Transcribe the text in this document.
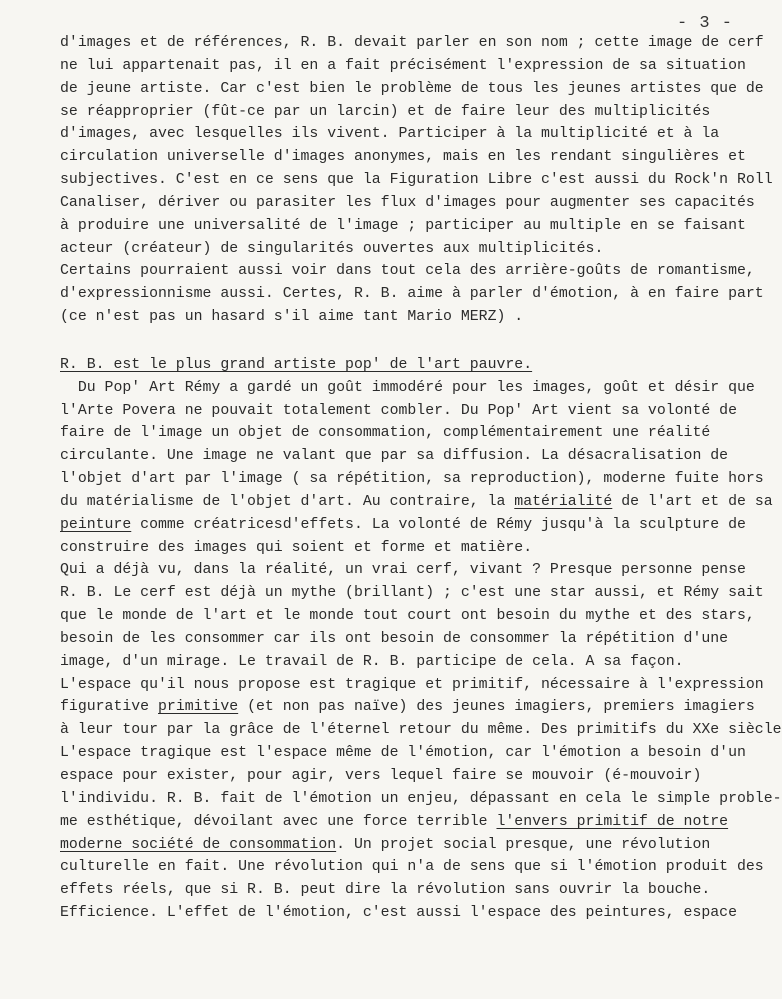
- 3 -
d'images et de références, R. B. devait parler en son nom ; cette image de cerf
ne lui appartenait pas, il en a fait précisément l'expression de sa situation
de jeune artiste. Car c'est bien le problème de tous les jeunes artistes que de
se réapproprier (fût-ce par un larcin) et de faire leur des multiplicités
d'images, avec lesquelles ils vivent. Participer à la multiplicité et à la
circulation universelle d'images anonymes, mais en les rendant singulières et
subjectives. C'est en ce sens que la Figuration Libre c'est aussi du Rock'n Roll
Canaliser, dériver ou parasiter les flux d'images pour augmenter ses capacités
à produire une universalité de l'image ; participer au multiple en se faisant
acteur (créateur) de singularités ouvertes aux multiplicités.
Certains pourraient aussi voir dans tout cela des arrière-goûts de romantisme,
d'expressionnisme aussi. Certes, R. B. aime à parler d'émotion, à en faire part
(ce n'est pas un hasard s'il aime tant Mario MERZ) .
R. B. est le plus grand artiste pop' de l'art pauvre.
Du Pop' Art Rémy a gardé un goût immodéré pour les images, goût et désir que
l'Arte Povera ne pouvait totalement combler. Du Pop' Art vient sa volonté de
faire de l'image un objet de consommation, complémentairement une réalité
circulante. Une image ne valant que par sa diffusion. La désacralisation de
l'objet d'art par l'image ( sa répétition, sa reproduction), moderne fuite hors
du matérialisme de l'objet d'art. Au contraire, la matérialité de l'art et de sa
peinture comme créatricesd'effets. La volonté de Rémy jusqu'à la sculpture de
construire des images qui soient et forme et matière.
Qui a déjà vu, dans la réalité, un vrai cerf, vivant ? Presque personne pense
R. B. Le cerf est déjà un mythe (brillant) ; c'est une star aussi, et Rémy sait
que le monde de l'art et le monde tout court ont besoin du mythe et des stars,
besoin de les consommer car ils ont besoin de consommer la répétition d'une
image, d'un mirage. Le travail de R. B. participe de cela. A sa façon.
L'espace qu'il nous propose est tragique et primitif, nécessaire à l'expression
figurative primitive (et non pas naïve) des jeunes imagiers, premiers imagiers
à leur tour par la grâce de l'éternel retour du même. Des primitifs du XXe siècle
L'espace tragique est l'espace même de l'émotion, car l'émotion a besoin d'un
espace pour exister, pour agir, vers lequel faire se mouvoir (é-mouvoir)
l'individu. R. B. fait de l'émotion un enjeu, dépassant en cela le simple proble-
me esthétique, dévoilant avec une force terrible l'envers primitif de notre
moderne société de consommation. Un projet social presque, une révolution
culturelle en fait. Une révolution qui n'a de sens que si l'émotion produit des
effets réels, que si R. B. peut dire la révolution sans ouvrir la bouche.
Efficience. L'effet de l'émotion, c'est aussi l'espace des peintures, espace
